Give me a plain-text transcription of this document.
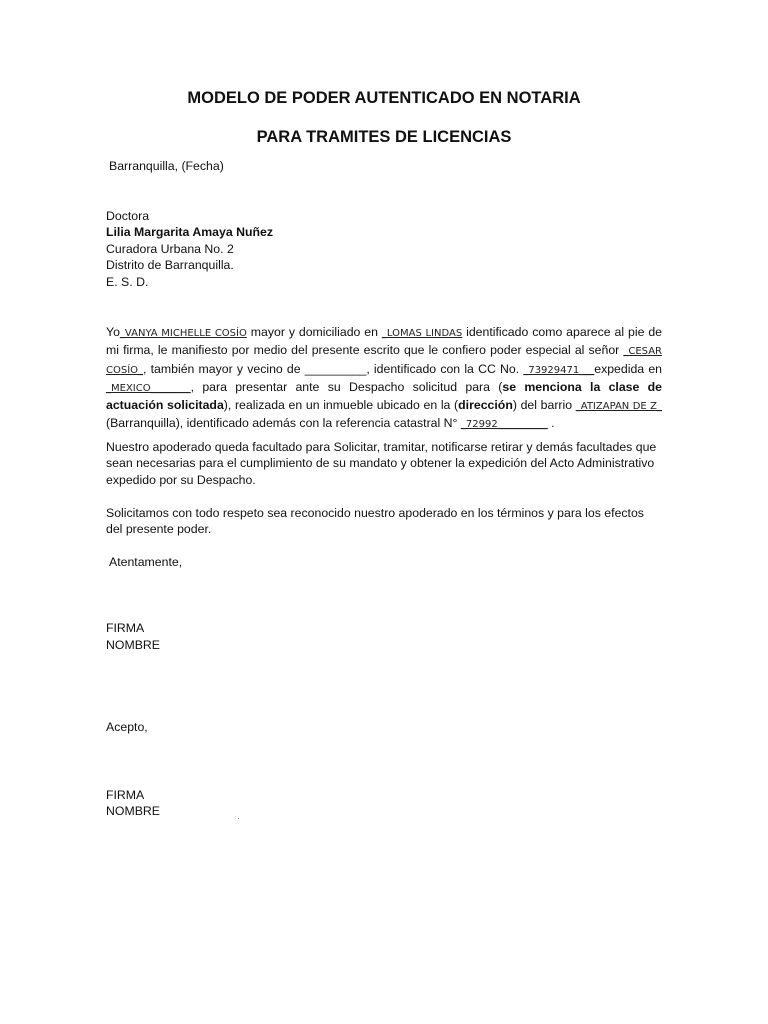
MODELO DE PODER AUTENTICADO EN NOTARIA
PARA TRAMITES DE LICENCIAS
Barranquilla, (Fecha)
Doctora
Lilia Margarita Amaya Nuñez
Curadora Urbana No. 2
Distrito de Barranquilla.
E. S. D.
Yo_VANYA MICHELLE COSÍO mayor y domiciliado en _LOMAS LINDAS identificado como aparece al pie de mi firma, le manifiesto por medio del presente escrito que le confiero poder especial al señor _CESAR COSÍO_, también mayor y vecino de _________, identificado con la CC No. _73929471___expedida en _MEXICO________, para presentar ante su Despacho solicitud para (se menciona la clase de actuación solicitada), realizada en un inmueble ubicado en la (dirección) del barrio _ATIZAPAN DE Z_ (Barranquilla), identificado además con la referencia catastral N° _72992__________ .
Nuestro apoderado queda facultado para Solicitar, tramitar, notificarse retirar y demás facultades que sean necesarias para el cumplimiento de su mandato y obtener la expedición del Acto Administrativo expedido por su Despacho.
Solicitamos con todo respeto sea reconocido nuestro apoderado en los términos y para los efectos del presente poder.
Atentamente,
FIRMA
NOMBRE
Acepto,
FIRMA
NOMBRE
